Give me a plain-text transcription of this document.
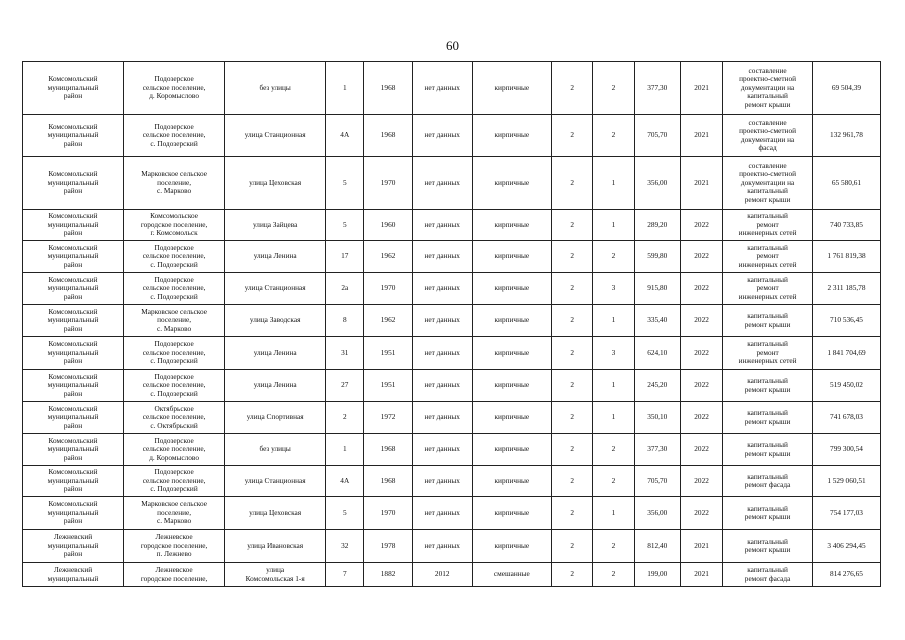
60
Комсомольский
муниципальный
район	Подозерское
сельское поселение,
д. Коромыслово	без улицы	1	1968	нет данных	кирпичные	2	2	377,30	2021	составление
проектно-сметной
документации на
капитальный
ремонт крыши	69 504,39
Комсомольский
муниципальный
район	Подозерское
сельское поселение,
с. Подозерский	улица Станционная	4А	1968	нет данных	кирпичные	2	2	705,70	2021	составление
проектно-сметной
документации на
фасад	132 961,78
Комсомольский
муниципальный
район	Марковское сельское
поселение,
с. Марково	улица Цеховская	5	1970	нет данных	кирпичные	2	1	356,00	2021	составление
проектно-сметной
документации на
капитальный
ремонт крыши	65 580,61
Комсомольский
муниципальный
район	Комсомольское
городское поселение,
г. Комсомольск	улица Зайцева	5	1960	нет данных	кирпичные	2	1	289,20	2022	капитальный
ремонт
инженерных сетей	740 733,85
Комсомольский
муниципальный
район	Подозерское
сельское поселение,
с. Подозерский	улица Ленина	17	1962	нет данных	кирпичные	2	2	599,80	2022	капитальный
ремонт
инженерных сетей	1 761 819,38
Комсомольский
муниципальный
район	Подозерское
сельское поселение,
с. Подозерский	улица Станционная	2а	1970	нет данных	кирпичные	2	3	915,80	2022	капитальный
ремонт
инженерных сетей	2 311 185,78
Комсомольский
муниципальный
район	Марковское сельское
поселение,
с. Марково	улица Заводская	8	1962	нет данных	кирпичные	2	1	335,40	2022	капитальный
ремонт крыши	710 536,45
Комсомольский
муниципальный
район	Подозерское
сельское поселение,
с. Подозерский	улица Ленина	31	1951	нет данных	кирпичные	2	3	624,10	2022	капитальный
ремонт
инженерных сетей	1 841 704,69
Комсомольский
муниципальный
район	Подозерское
сельское поселение,
с. Подозерский	улица Ленина	27	1951	нет данных	кирпичные	2	1	245,20	2022	капитальный
ремонт крыши	519 450,02
Комсомольский
муниципальный
район	Октябрьское
сельское поселение,
с. Октябрьский	улица Спортивная	2	1972	нет данных	кирпичные	2	1	350,10	2022	капитальный
ремонт крыши	741 678,03
Комсомольский
муниципальный
район	Подозерское
сельское поселение,
д. Коромыслово	без улицы	1	1968	нет данных	кирпичные	2	2	377,30	2022	капитальный
ремонт крыши	799 300,54
Комсомольский
муниципальный
район	Подозерское
сельское поселение,
с. Подозерский	улица Станционная	4А	1968	нет данных	кирпичные	2	2	705,70	2022	капитальный
ремонт фасада	1 529 060,51
Комсомольский
муниципальный
район	Марковское сельское
поселение,
с. Марково	улица Цеховская	5	1970	нет данных	кирпичные	2	1	356,00	2022	капитальный
ремонт крыши	754 177,03
Лежневский
муниципальный
район	Лежневское
городское поселение,
п. Лежнево	улица Ивановская	32	1978	нет данных	кирпичные	2	2	812,40	2021	капитальный
ремонт крыши	3 406 294,45
Лежневский
муниципальный	Лежневское
городское поселение,	улица
Комсомольская 1-я	7	1882	2012	смешанные	2	2	199,00	2021	капитальный
ремонт фасада	814 276,65
